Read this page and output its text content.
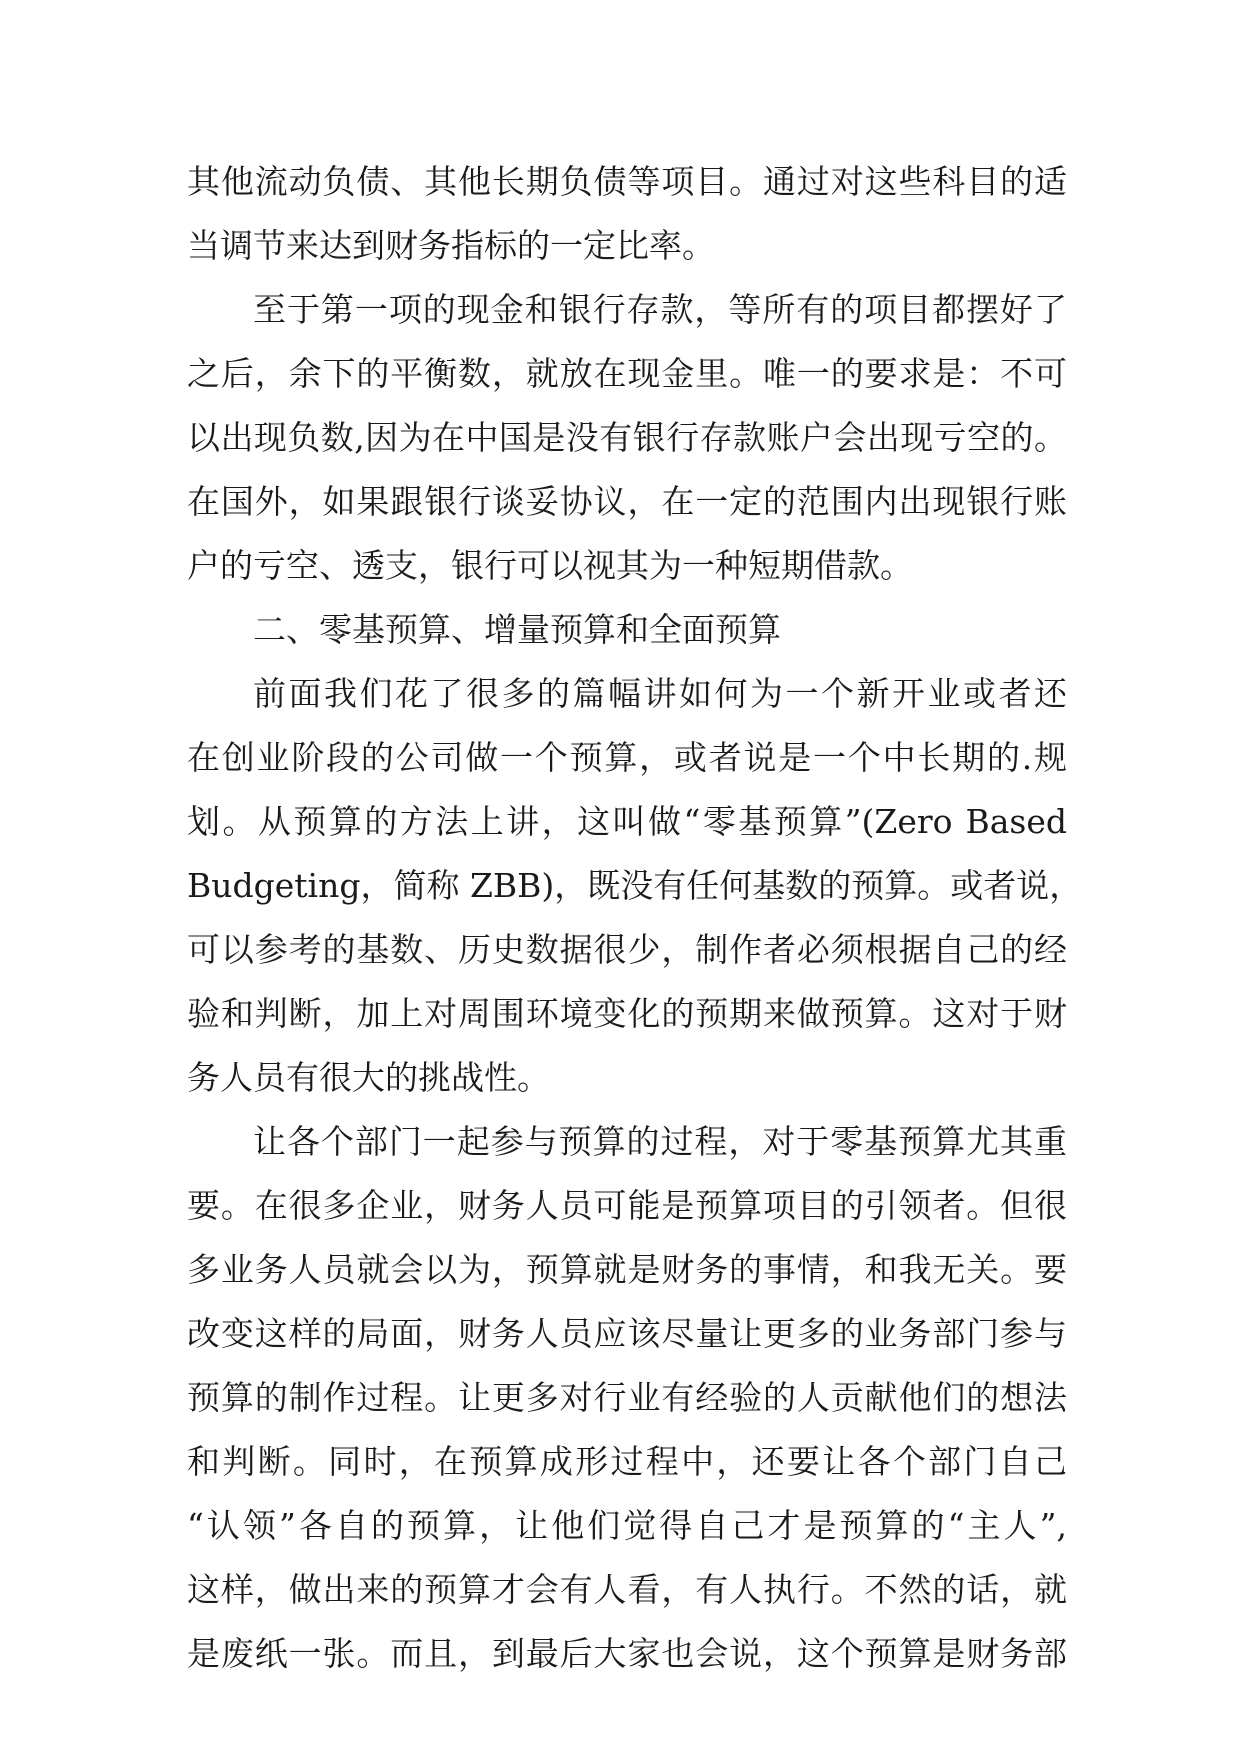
其他流动负债、其他长期负债等项目。通过对这些科目的适
当调节来达到财务指标的一定比率。
至于第一项的现金和银行存款，等所有的项目都摆好了
之后，余下的平衡数，就放在现金里。唯一的要求是：不可
以出现负数,因为在中国是没有银行存款账户会出现亏空的。
在国外，如果跟银行谈妥协议，在一定的范围内出现银行账
户的亏空、透支，银行可以视其为一种短期借款。
二、零基预算、增量预算和全面预算
前面我们花了很多的篇幅讲如何为一个新开业或者还
在创业阶段的公司做一个预算，或者说是一个中长期的.规
划。从预算的方法上讲，这叫做“零基预算”(Zero Based
Budgeting，简称 ZBB)，既没有任何基数的预算。或者说，
可以参考的基数、历史数据很少，制作者必须根据自己的经
验和判断，加上对周围环境变化的预期来做预算。这对于财
务人员有很大的挑战性。
让各个部门一起参与预算的过程，对于零基预算尤其重
要。在很多企业，财务人员可能是预算项目的引领者。但很
多业务人员就会以为，预算就是财务的事情，和我无关。要
改变这样的局面，财务人员应该尽量让更多的业务部门参与
预算的制作过程。让更多对行业有经验的人贡献他们的想法
和判断。同时，在预算成形过程中，还要让各个部门自己
“认领”各自的预算，让他们觉得自己才是预算的“主人”,
这样，做出来的预算才会有人看，有人执行。不然的话，就
是废纸一张。而且，到最后大家也会说，这个预算是财务部
